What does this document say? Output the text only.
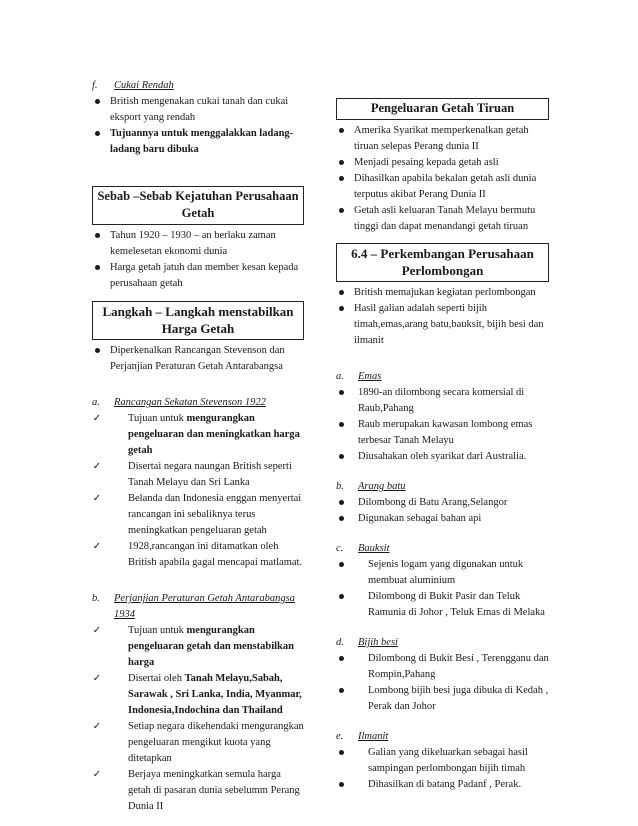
f. Cukai Rendah
British mengenakan cukai tanah dan cukai eksport yang rendah
Tujuannya untuk menggalakkan ladang-ladang baru dibuka
Sebab –Sebab Kejatuhan Perusahaan Getah
Tahun 1920 – 1930 – an berlaku zaman kemelesetan ekonomi dunia
Harga getah jatuh dan member kesan kepada perusahaan getah
Langkah – Langkah menstabilkan Harga Getah
Diperkenalkan Rancangan Stevenson dan Perjanjian Peraturan Getah Antarabangsa
a. Rancangan Sekatan Stevenson 1922
✓	Tujuan untuk mengurangkan pengeluaran dan meningkatkan harga getah
✓	Disertai negara naungan British seperti Tanah Melayu dan Sri Lanka
✓	Belanda dan Indonesia enggan menyertai rancangan ini sebaliknya terus meningkatkan pengeluaran getah
✓	1928,rancangan ini ditamatkan oleh British apabila gagal mencapai matlamat.
b. Perjanjian Peraturan Getah Antarabangsa 1934
✓	Tujuan untuk mengurangkan pengeluaran getah dan menstabilkan harga
✓	Disertai oleh Tanah Melayu,Sabah, Sarawak , Sri Lanka, India, Myanmar, Indonesia,Indochina dan Thailand
✓	Setiap negara dikehendaki mengurangkan pengeluaran mengikut kuota yang ditetapkan
✓	Berjaya meningkatkan semula harga getah di pasaran dunia sebelumm Perang Dunia II
Pengeluaran Getah Tiruan
Amerika Syarikat memperkenalkan getah tiruan selepas Perang dunia II
Menjadi pesaing kepada getah asli
Dihasilkan apabila bekalan getah asli dunia terputus akibat Perang Dunia II
Getah asli keluaran Tanah Melayu bermutu tinggi dan dapat menandangi getah tiruan
6.4 – Perkembangan Perusahaan Perlombongan
British memajukan kegiatan perlombongan
Hasil galian adalah seperti bijih timah,emas,arang batu,bauksit, bijih besi dan ilmanit
a. Emas
1890-an dilombong secara komersial di Raub,Pahang
Raub merupakan kawasan lombong emas terbesar Tanah Melayu
Diusahakan oleh syarikat dari Australia.
b. Arang batu
Dilombong di Batu Arang,Selangor
Digunakan sebagai bahan api
c. Bauksit
Sejenis logam yang digunakan untuk membuat aluminium
Dilombong di Bukit Pasir dan Teluk Ramunia di Johor , Teluk Emas di Melaka
d. Bijih besi
Dilombong di Bukit Besi , Terengganu dan Rompin,Pahang
Lombong bijih besi juga dibuka di Kedah , Perak dan Johor
e. Ilmanit
Galian yang dikeluarkan sebagai hasil sampingan perlombongan bijih timah
Dihasilkan di batang Padanf , Perak.
